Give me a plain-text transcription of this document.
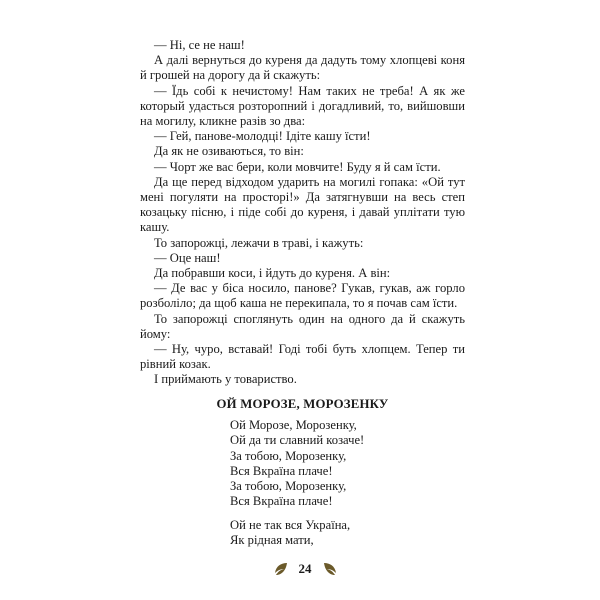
— Ні, се не наш!

А далі вернуться до куреня да дадуть тому хлопцеві коня й грошей на дорогу да й скажуть:

— Їдь собі к нечистому! Нам таких не треба! А як же который удасться розторопний і догадливий, то, вийшовши на могилу, кликне разів зо два:

— Гей, панове-молодці! Ідіте кашу їсти!

Да як не озиваються, то він:

— Чорт же вас бери, коли мовчите! Буду я й сам їсти.

Да ще перед відходом ударить на могилі гопака: «Ой тут мені погуляти на просторі!» Да затягнувши на весь степ козацьку пісню, і піде собі до куреня, і давай уплітати тую кашу.

То запорожці, лежачи в траві, і кажуть:

— Оце наш!

Да побравши коси, і йдуть до куреня. А він:

— Де вас у біса носило, панове? Гукав, гукав, аж горло розболіло; да щоб каша не перекипала, то я почав сам їсти.

То запорожці споглянуть один на одного да й скажуть йому:

— Ну, чуро, вставай! Годі тобі буть хлопцем. Тепер ти рівний козак.

І приймають у товариство.

ОЙ МОРОЗЕ, МОРОЗЕНКУ
Ой Морозе, Морозенку,
Ой да ти славний козаче!
За тобою, Морозенку,
Вся Вкраїна плаче!
За тобою, Морозенку,
Вся Вкраїна плаче!
Ой не так вся Україна,
Як рідная мати,
24
